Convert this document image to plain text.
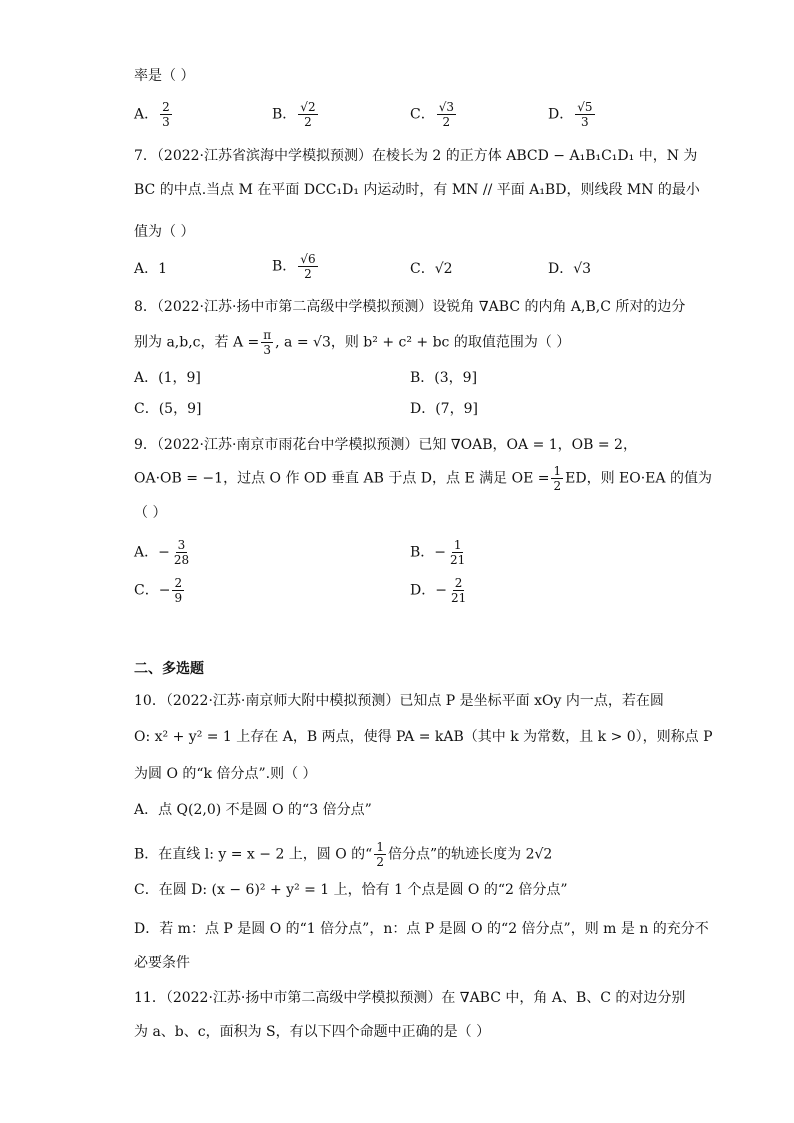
率是（ ）
A． $\frac{2}{3}$	B． $\frac{√2}{2}$	C． $\frac{√3}{2}$	D． $\frac{√5}{3}$
7．（2022·江苏省滨海中学模拟预测）在棱长为 2 的正方体 ABCD − A₁B₁C₁D₁ 中，N 为
BC 的中点.当点 M 在平面 DCC₁D₁ 内运动时，有 MN // 平面 A₁BD，则线段 MN 的最小
值为（ ）
A．1	B． $\frac{√6}{2}$	C．√2	D．√3
8．（2022·江苏·扬中市第二高级中学模拟预测）设锐角 ∇ABC 的内角 A,B,C 所对的边分
别为 a,b,c，若 $A = \frac{\pi}{3}$ , a = √3，则 b² + c² + bc 的取值范围为（ ）
A．(1，9]	B．(3，9]
C．(5，9]	D．(7，9]
9．（2022·江苏·南京市雨花台中学模拟预测）已知 ∇OAB，OA = 1，OB = 2，
OA·OB = −1，过点 O 作 OD 垂直 AB 于点 D，点 E 满足 OE = $\frac{1}{2}$ ED，则 EO·EA 的值为
（ ）
A．− $\frac{3}{28}$	B．− $\frac{1}{21}$
C．− $\frac{2}{9}$	D．− $\frac{2}{21}$
二、多选题
10．（2022·江苏·南京师大附中模拟预测）已知点 P 是坐标平面 xOy 内一点，若在圆
O: x² + y² = 1 上存在 A，B 两点，使得 PA = kAB（其中 k 为常数，且 k > 0），则称点 P
为圆 O 的“k 倍分点”.则（ ）
A．点 Q(2,0) 不是圆 O 的“3 倍分点”
B．在直线 l: y = x − 2 上，圆 O 的“ $\frac{1}{2}$ 倍分点”的轨迹长度为 2√2
C．在圆 D: (x − 6)² + y² = 1 上，恰有 1 个点是圆 O 的“2 倍分点”
D．若 m：点 P 是圆 O 的“1 倍分点”，n：点 P 是圆 O 的“2 倍分点”，则 m 是 n 的充分不
必要条件
11．（2022·江苏·扬中市第二高级中学模拟预测）在 ∇ABC 中，角 A、B、C 的对边分别
为 a、b、c，面积为 S，有以下四个命题中正确的是（ ）
